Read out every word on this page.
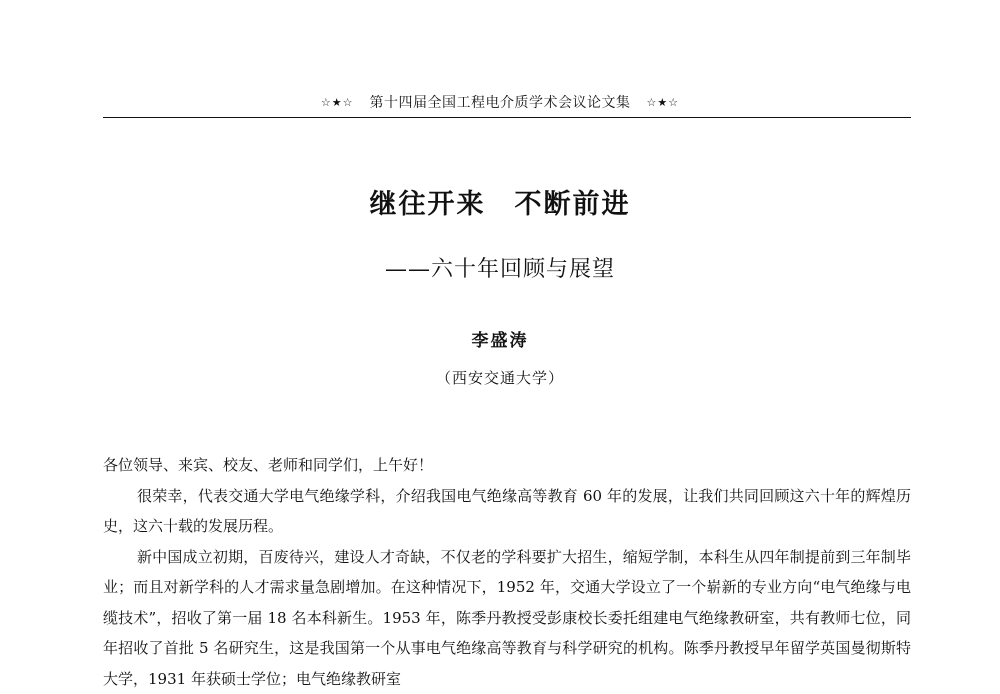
☆★☆ 第十四届全国工程电介质学术会议论文集 ☆★☆
继往开来　不断前进
——六十年回顾与展望
李盛涛
（西安交通大学）

各位领导、来宾、校友、老师和同学们，上午好！

很荣幸，代表交通大学电气绝缘学科，介绍我国电气绝缘高等教育 60 年的发展，让我们共同回顾这六十年的辉煌历史，这六十载的发展历程。

新中国成立初期，百废待兴，建设人才奇缺，不仅老的学科要扩大招生，缩短学制，本科生从四年制提前到三年制毕业；而且对新学科的人才需求量急剧增加。在这种情况下，1952 年，交通大学设立了一个崭新的专业方向“电气绝缘与电缆技术”，招收了第一届 18 名本科新生。1953 年，陈季丹教授受彭康校长委托组建电气绝缘教研室，共有教师七位，同年招收了首批 5 名研究生，这是我国第一个从事电气绝缘高等教育与科学研究的机构。陈季丹教授早年留学英国曼彻斯特大学，1931 年获硕士学位；电气绝缘教研室
